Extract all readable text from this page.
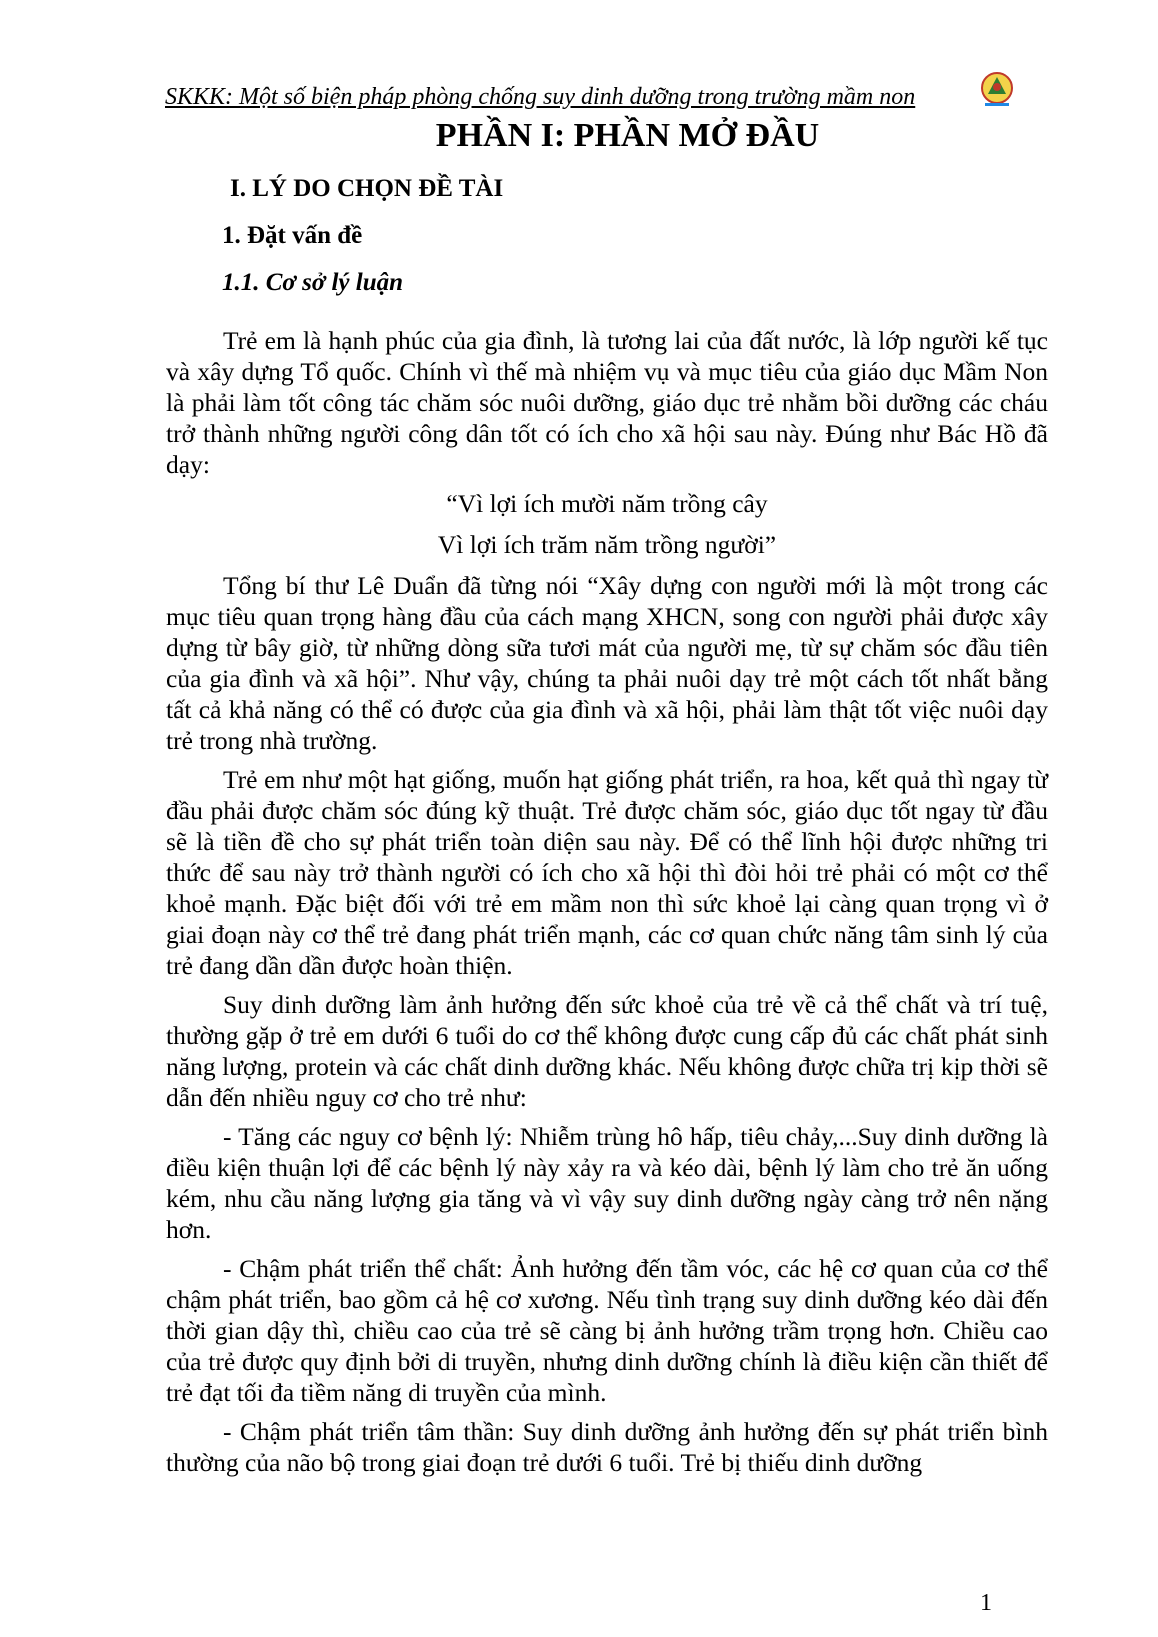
SKKK: Một số biện pháp phòng chống suy dinh dưỡng trong trường mầm non
PHẦN I: PHẦN MỞ ĐẦU
I. LÝ DO CHỌN ĐỀ TÀI
1. Đặt vấn đề
1.1. Cơ sở lý luận

Trẻ em là hạnh phúc của gia đình, là tương lai của đất nước, là lớp người kế tục và xây dựng Tổ quốc. Chính vì thế mà nhiệm vụ và mục tiêu của giáo dục Mầm Non là phải làm tốt công tác chăm sóc nuôi dưỡng, giáo dục trẻ nhằm bồi dưỡng các cháu trở thành những người công dân tốt có ích cho xã hội sau này. Đúng như Bác Hồ đã dạy:

“Vì lợi ích mười năm trồng cây

Vì lợi ích trăm năm trồng người”

Tổng bí thư Lê Duẩn đã từng nói “Xây dựng con người mới là một trong các mục tiêu quan trọng hàng đầu của cách mạng XHCN, song con người phải được xây dựng từ bây giờ, từ những dòng sữa tươi mát của người mẹ, từ sự chăm sóc đầu tiên của gia đình và xã hội”. Như vậy, chúng ta phải nuôi dạy trẻ một cách tốt nhất bằng tất cả khả năng có thể có được của gia đình và xã hội, phải làm thật tốt việc nuôi dạy trẻ trong nhà trường.

Trẻ em như một hạt giống, muốn hạt giống phát triển, ra hoa, kết quả thì ngay từ đầu phải được chăm sóc đúng kỹ thuật. Trẻ được chăm sóc, giáo dục tốt ngay từ đầu sẽ là tiền đề cho sự phát triển toàn diện sau này. Để có thể lĩnh hội được những tri thức để sau này trở thành người có ích cho xã hội thì đòi hỏi trẻ phải có một cơ thể khoẻ mạnh. Đặc biệt đối với trẻ em mầm non thì sức khoẻ lại càng quan trọng vì ở giai đoạn này cơ thể trẻ đang phát triển mạnh, các cơ quan chức năng tâm sinh lý của trẻ đang dần dần được hoàn thiện.

Suy dinh dưỡng làm ảnh hưởng đến sức khoẻ của trẻ về cả thể chất và trí tuệ, thường gặp ở trẻ em dưới 6 tuổi do cơ thể không được cung cấp đủ các chất phát sinh năng lượng, protein và các chất dinh dưỡng khác. Nếu không được chữa trị kịp thời sẽ dẫn đến nhiều nguy cơ cho trẻ như:

- Tăng các nguy cơ bệnh lý: Nhiễm trùng hô hấp, tiêu chảy,...Suy dinh dưỡng là điều kiện thuận lợi để các bệnh lý này xảy ra và kéo dài, bệnh lý làm cho trẻ ăn uống kém, nhu cầu năng lượng gia tăng và vì vậy suy dinh dưỡng ngày càng trở nên nặng hơn.

- Chậm phát triển thể chất: Ảnh hưởng đến tầm vóc, các hệ cơ quan của cơ thể chậm phát triển, bao gồm cả hệ cơ xương. Nếu tình trạng suy dinh dưỡng kéo dài đến thời gian dậy thì, chiều cao của trẻ sẽ càng bị ảnh hưởng trầm trọng hơn. Chiều cao của trẻ được quy định bởi di truyền, nhưng dinh dưỡng chính là điều kiện cần thiết để trẻ đạt tối đa tiềm năng di truyền của mình.

- Chậm phát triển tâm thần: Suy dinh dưỡng ảnh hưởng đến sự phát triển bình thường của não bộ trong giai đoạn trẻ dưới 6 tuổi. Trẻ bị thiếu dinh dưỡng

1
